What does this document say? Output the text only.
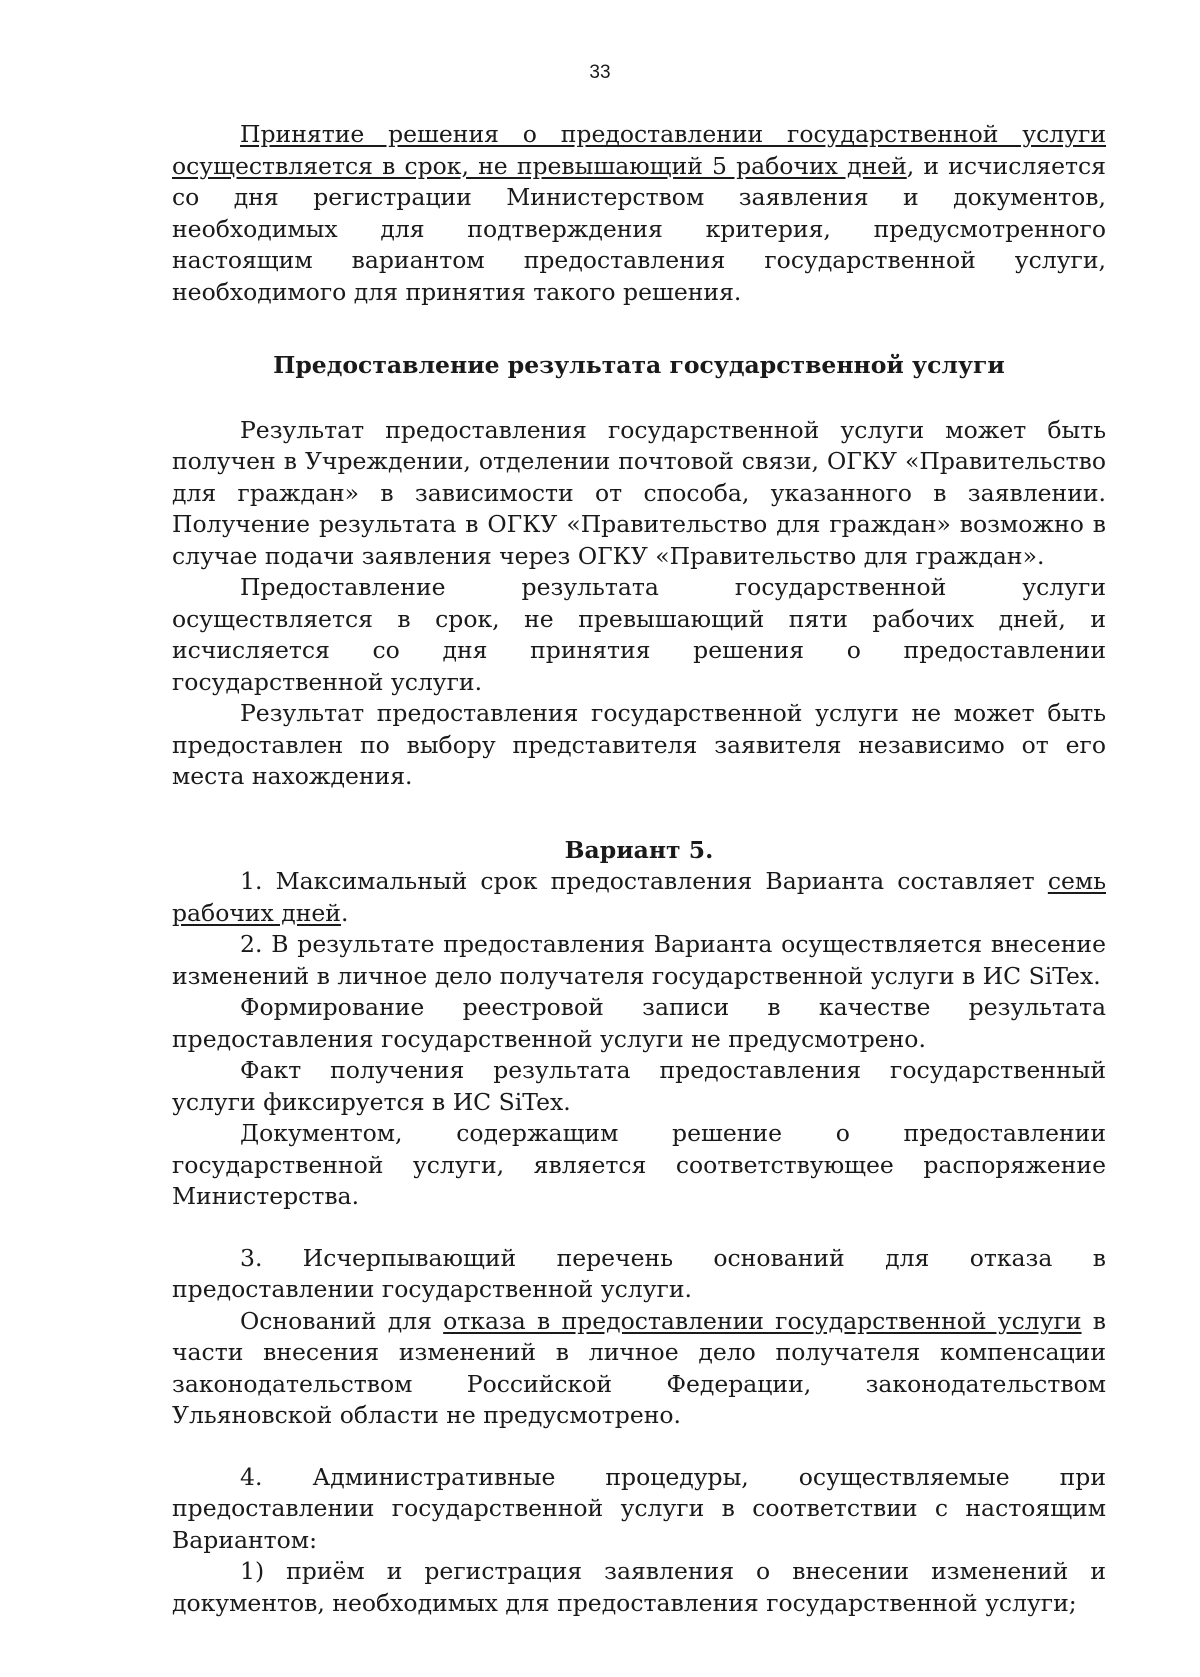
33

Принятие решения о предоставлении государственной услуги осуществляется в срок, не превышающий 5 рабочих дней, и исчисляется со дня регистрации Министерством заявления и документов, необходимых для подтверждения критерия, предусмотренного настоящим вариантом предоставления государственной услуги, необходимого для принятия такого решения.

Предоставление результата государственной услуги

Результат предоставления государственной услуги может быть получен в Учреждении, отделении почтовой связи, ОГКУ «Правительство для граждан» в зависимости от способа, указанного в заявлении. Получение результата в ОГКУ «Правительство для граждан» возможно в случае подачи заявления через ОГКУ «Правительство для граждан».

Предоставление результата государственной услуги осуществляется в срок, не превышающий пяти рабочих дней, и исчисляется со дня принятия решения о предоставлении государственной услуги.

Результат предоставления государственной услуги не может быть предоставлен по выбору представителя заявителя независимо от его места нахождения.

Вариант 5.

1. Максимальный срок предоставления Варианта составляет семь рабочих дней.

2. В результате предоставления Варианта осуществляется внесение изменений в личное дело получателя государственной услуги в ИС SiTex.

Формирование реестровой записи в качестве результата предоставления государственной услуги не предусмотрено.

Факт получения результата предоставления государственный услуги фиксируется в ИС SiTex.

Документом, содержащим решение о предоставлении государственной услуги, является соответствующее распоряжение Министерства.

3. Исчерпывающий перечень оснований для отказа в предоставлении государственной услуги.

Оснований для отказа в предоставлении государственной услуги в части внесения изменений в личное дело получателя компенсации законодательством Российской Федерации, законодательством Ульяновской области не предусмотрено.

4. Административные процедуры, осуществляемые при предоставлении государственной услуги в соответствии с настоящим Вариантом:

1) приём и регистрация заявления о внесении изменений и документов, необходимых для предоставления государственной услуги;
